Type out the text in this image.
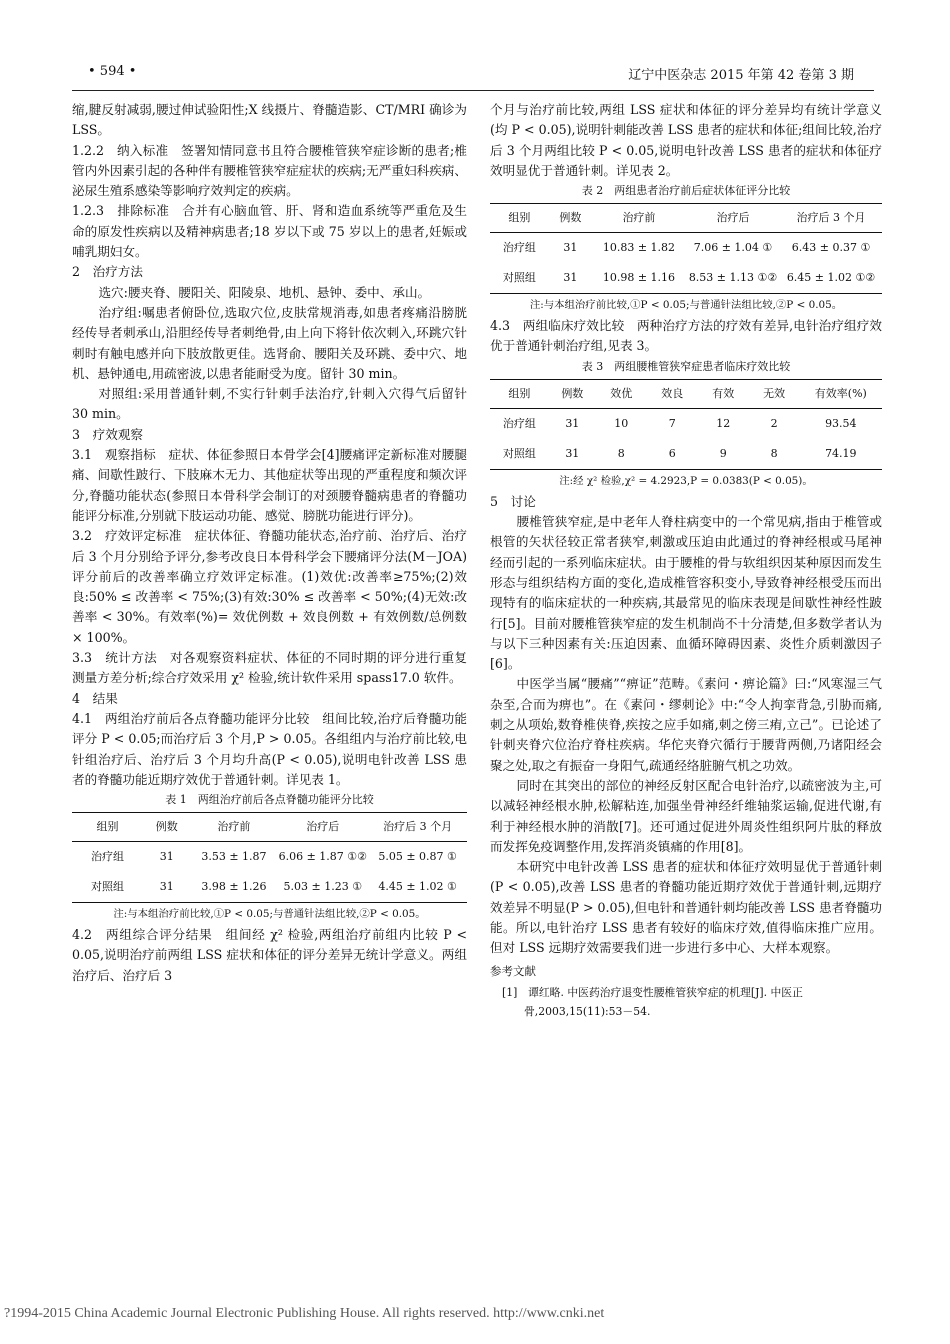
• 594 •	辽宁中医杂志 2015 年第 42 卷第 3 期

缩,腱反射减弱,腰过伸试验阳性;X 线摄片、脊髓造影、CT/MRI 确诊为 LSS。

1.2.2　纳入标准　签署知情同意书且符合腰椎管狭窄症诊断的患者;椎管内外因素引起的各种伴有腰椎管狭窄症症状的疾病;无严重妇科疾病、泌尿生殖系感染等影响疗效判定的疾病。

1.2.3　排除标准　合并有心脑血管、肝、肾和造血系统等严重危及生命的原发性疾病以及精神病患者;18 岁以下或 75 岁以上的患者,妊娠或哺乳期妇女。

2　治疗方法

选穴:腰夹脊、腰阳关、阳陵泉、地机、悬钟、委中、承山。

治疗组:嘱患者俯卧位,选取穴位,皮肤常规消毒,如患者疼痛沿膀胱经传导者刺承山,沿胆经传导者刺绝骨,由上向下将针依次刺入,环跳穴针刺时有触电感并向下肢放散更佳。选肾俞、腰阳关及环跳、委中穴、地机、悬钟通电,用疏密波,以患者能耐受为度。留针 30 min。

对照组:采用普通针刺,不实行针刺手法治疗,针刺入穴得气后留针 30 min。

3　疗效观察

3.1　观察指标　症状、体征参照日本骨学会[4]腰痛评定新标准对腰腿痛、间歇性跛行、下肢麻木无力、其他症状等出现的严重程度和频次评分,脊髓功能状态(参照日本骨科学会制订的对颈腰脊髓病患者的脊髓功能评分标准,分别就下肢运动功能、感觉、膀胱功能进行评分)。

3.2　疗效评定标准　症状体征、脊髓功能状态,治疗前、治疗后、治疗后 3 个月分别给予评分,参考改良日本骨科学会下腰痛评分法(M－JOA)评分前后的改善率确立疗效评定标准。(1)效优:改善率≥75%;(2)效良:50% ≤ 改善率 < 75%;(3)有效:30% ≤ 改善率 < 50%;(4)无效:改善率 < 30%。有效率(%)= 效优例数 + 效良例数 + 有效例数/总例数 × 100%。

3.3　统计方法　对各观察资料症状、体征的不同时期的评分进行重复测量方差分析;综合疗效采用 χ² 检验,统计软件采用 spass17.0 软件。

4　结果

4.1　两组治疗前后各点脊髓功能评分比较　组间比较,治疗后脊髓功能评分 P < 0.05;而治疗后 3 个月,P > 0.05。各组组内与治疗前比较,电针组治疗后、治疗后 3 个月均升高(P < 0.05),说明电针改善 LSS 患者的脊髓功能近期疗效优于普通针刺。详见表 1。

表 1　两组治疗前后各点脊髓功能评分比较
组别	例数	治疗前	治疗后	治疗后 3 个月
治疗组	31	3.53 ± 1.87	6.06 ± 1.87 ①②	5.05 ± 0.87 ①
对照组	31	3.98 ± 1.26	5.03 ± 1.23 ①	4.45 ± 1.02 ①
注:与本组治疗前比较,①P < 0.05;与普通针法组比较,②P < 0.05。

4.2　两组综合评分结果　组间经 χ² 检验,两组治疗前组内比较 P < 0.05,说明治疗前两组 LSS 症状和体征的评分差异无统计学意义。两组治疗后、治疗后 3

个月与治疗前比较,两组 LSS 症状和体征的评分差异均有统计学意义(均 P < 0.05),说明针刺能改善 LSS 患者的症状和体征;组间比较,治疗后 3 个月两组比较 P < 0.05,说明电针改善 LSS 患者的症状和体征疗效明显优于普通针刺。详见表 2。

表 2　两组患者治疗前后症状体征评分比较
组别	例数	治疗前	治疗后	治疗后 3 个月
治疗组	31	10.83 ± 1.82	7.06 ± 1.04 ①	6.43 ± 0.37 ①
对照组	31	10.98 ± 1.16	8.53 ± 1.13 ①②	6.45 ± 1.02 ①②
注:与本组治疗前比较,①P < 0.05;与普通针法组比较,②P < 0.05。

4.3　两组临床疗效比较　两种治疗方法的疗效有差异,电针治疗组疗效优于普通针刺治疗组,见表 3。

表 3　两组腰椎管狭窄症患者临床疗效比较
组别	例数	效优	效良	有效	无效	有效率(%)
治疗组	31	10	7	12	2	93.54
对照组	31	8	6	9	8	74.19
注:经 χ² 检验,χ² = 4.2923,P = 0.0383(P < 0.05)。

5　讨论

腰椎管狭窄症,是中老年人脊柱病变中的一个常见病,指由于椎管或根管的矢状径较正常者狭窄,刺激或压迫由此通过的脊神经根或马尾神经而引起的一系列临床症状。由于腰椎的骨与软组织因某种原因而发生形态与组织结构方面的变化,造成椎管容积变小,导致脊神经根受压而出现特有的临床症状的一种疾病,其最常见的临床表现是间歇性神经性跛行[5]。目前对腰椎管狭窄症的发生机制尚不十分清楚,但多数学者认为与以下三种因素有关:压迫因素、血循环障碍因素、炎性介质刺激因子[6]。

中医学当属“腰痛”“痹证”范畴。《素问・痹论篇》曰:“风寒湿三气杂至,合而为痹也”。在《素问・缪刺论》中:“令人拘挛背急,引胁而痛,刺之从项始,数脊椎侠脊,疾按之应手如痛,刺之傍三痏,立己”。已论述了针刺夹脊穴位治疗脊柱疾病。华佗夹脊穴循行于腰背两侧,乃诸阳经会聚之处,取之有振奋一身阳气,疏通经络脏腑气机之功效。

同时在其突出的部位的神经反射区配合电针治疗,以疏密波为主,可以减轻神经根水肿,松解粘连,加强坐骨神经纤维轴浆运输,促进代谢,有利于神经根水肿的消散[7]。还可通过促进外周炎性组织阿片肽的释放而发挥免疫调整作用,发挥消炎镇痛的作用[8]。

本研究中电针改善 LSS 患者的症状和体征疗效明显优于普通针刺(P < 0.05),改善 LSS 患者的脊髓功能近期疗效优于普通针刺,远期疗效差异不明显(P > 0.05),但电针和普通针刺均能改善 LSS 患者脊髓功能。所以,电针治疗 LSS 患者有较好的临床疗效,值得临床推广应用。但对 LSS 远期疗效需要我们进一步进行多中心、大样本观察。

参考文献
[1]　谭红略. 中医药治疗退变性腰椎管狭窄症的机理[J]. 中医正骨,2003,15(11):53－54.
?1994-2015 China Academic Journal Electronic Publishing House. All rights reserved. http://www.cnki.net
